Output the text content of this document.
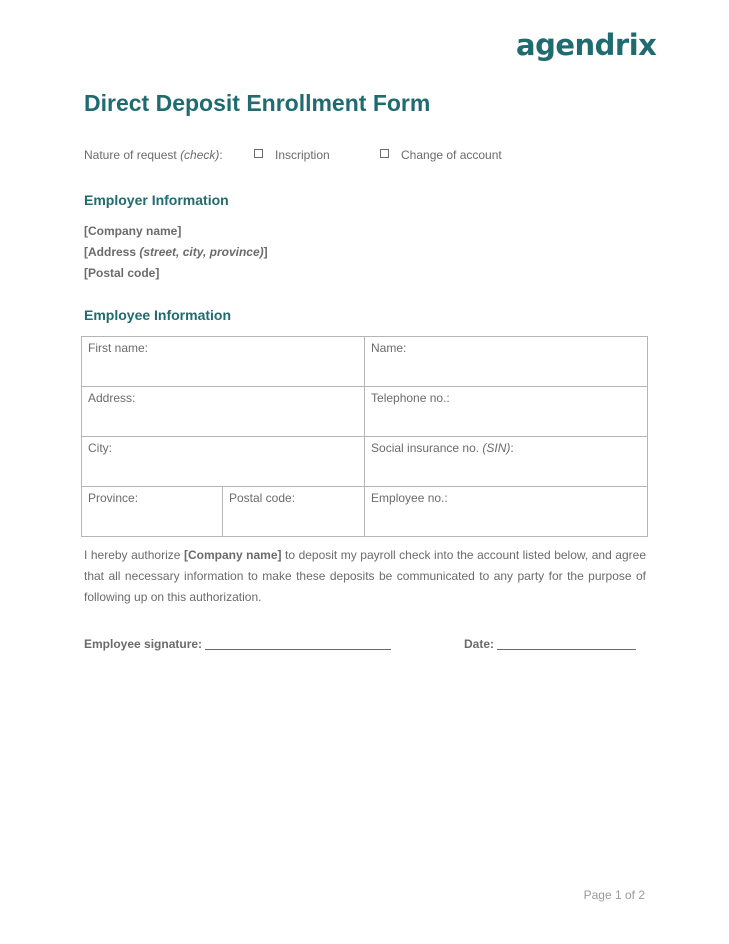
agendrix
Direct Deposit Enrollment Form
Nature of request (check):	Inscription	Change of account
Employer Information
[Company name]
[Address (street, city, province)]
[Postal code]
Employee Information
First name:		Name:
Address:		Telephone no.:
City:		Social insurance no. (SIN):
Province:	Postal code:	Employee no.:

I hereby authorize [Company name] to deposit my payroll check into the account listed below, and agree that all necessary information to make these deposits be communicated to any party for the purpose of following up on this authorization.

Employee signature:	Date:
Page 1 of 2
